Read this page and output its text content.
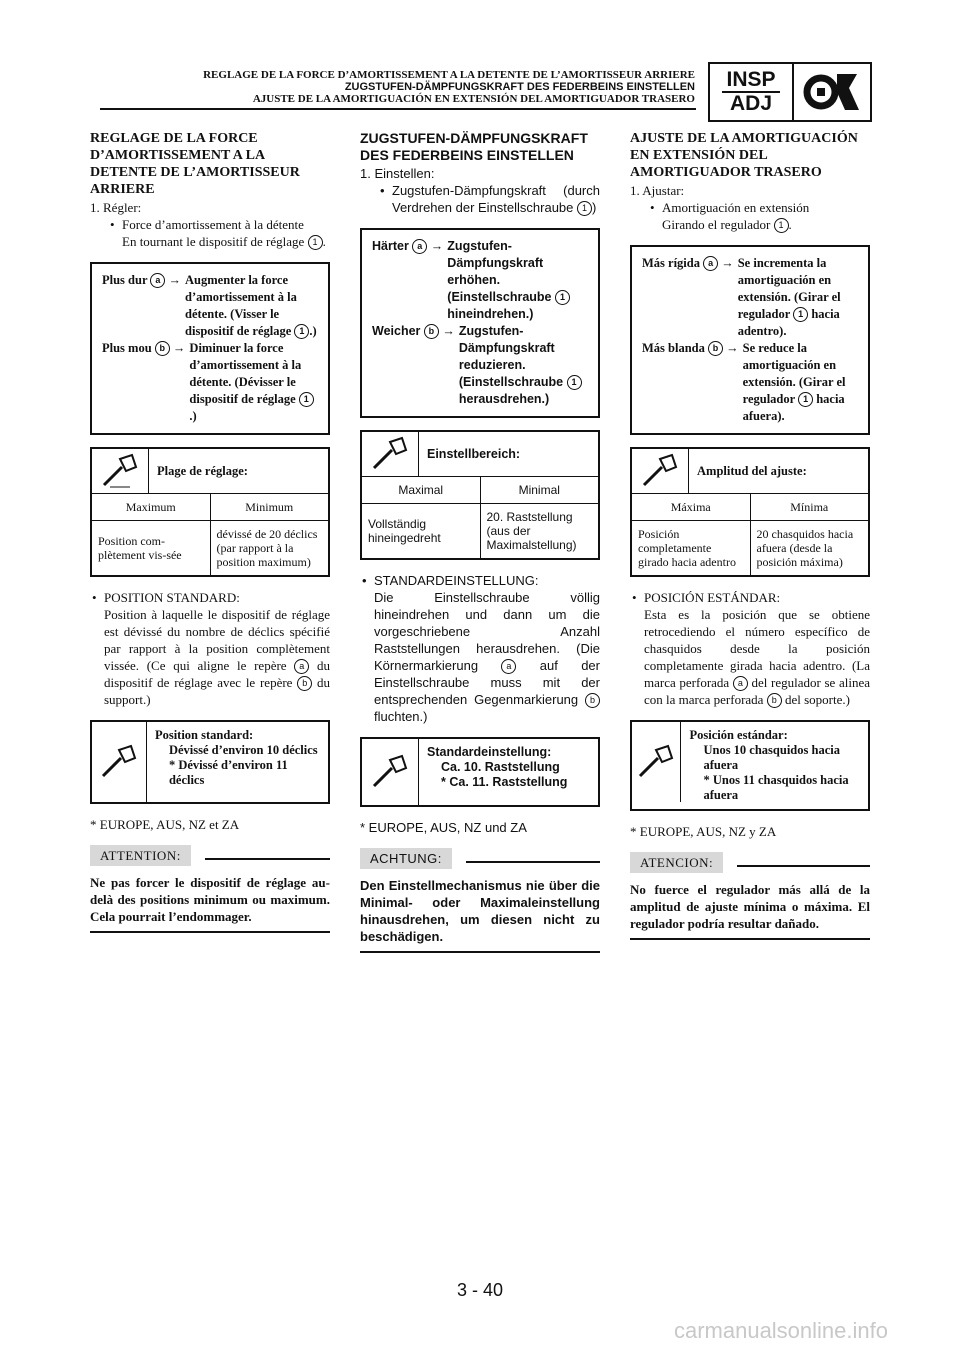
REGLAGE DE LA FORCE D’AMORTISSEMENT A LA DETENTE DE L’AMORTISSEUR ARRIERE
ZUGSTUFEN-DÄMPFUNGSKRAFT DES FEDERBEINS EINSTELLEN
AJUSTE DE LA AMORTIGUACIÓN EN EXTENSIÓN DEL AMORTIGUADOR TRASERO
INSP
ADJ
REGLAGE DE LA FORCE D’AMORTISSEMENT A LA DETENTE DE L’AMORTISSEUR ARRIERE
1. Régler:
• Force d’amortissement à la détente
En tournant le dispositif de réglage 1 .
Plus dur a → Augmenter la force d’amortissement à la détente. (Visser le dispositif de réglage 1 .)
Plus mou b → Diminuer la force d’amortissement à la détente. (Dévisser le dispositif de réglage 1.)
Plage de réglage:
Maximum	Minimum
Position com-plètement vis-sée	dévissé de 20 déclics (par rapport à la position maximum)
• POSITION STANDARD:
Position à laquelle le dispositif de réglage est dévissé du nombre de déclics spécifié par rapport à la position complètement vissée. (Ce qui aligne le repère a du dispositif de réglage avec le repère b du support.)
Position standard:
Dévissé d’environ 10 déclics
* Dévissé d’environ 11 déclics
* EUROPE, AUS, NZ et ZA
ATTENTION:
Ne pas forcer le dispositif de réglage au-delà des positions minimum ou maximum. Cela pourrait l’endommager.
ZUGSTUFEN-DÄMPFUNGSKRAFT DES FEDERBEINS EINSTELLEN
1. Einstellen:
• Zugstufen-Dämpfungskraft (durch Verdrehen der Einstellschraube 1 )
Härter a → Zugstufen-Dämpfungskraft erhöhen. (Einstellschraube 1 hineindrehen.)
Weicher b → Zugstufen-Dämpfungskraft reduzieren. (Einstellschraube 1 herausdrehen.)
Einstellbereich:
Maximal	Minimal
Vollständig hineingedreht	20. Raststellung (aus der Maximalstellung)
• STANDARDEINSTELLUNG:
Die Einstellschraube völlig hineindrehen und dann um die vorgeschriebene Anzahl Raststellungen herausdrehen. (Die Körnermarkierung	a auf der Einstellschraube muss mit der entsprechenden Gegenmarkierung b fluchten.)
Standardeinstellung:
Ca. 10. Raststellung
* Ca. 11. Raststellung
* EUROPE, AUS, NZ und ZA
ACHTUNG:
Den Einstellmechanismus nie über die Minimal- oder Maximaleinstellung hinausdrehen, um diesen nicht zu beschädigen.
AJUSTE DE LA AMORTIGUACIÓN EN EXTENSIÓN DEL AMORTIGUADOR TRASERO
1. Ajustar:
• Amortiguación en extensión
Girando el regulador 1 .
Más rígida a → Se incrementa la amortiguación en extensión. (Girar el regulador 1 hacia adentro).
Más blanda b → Se reduce la amortiguación en extensión. (Girar el regulador 1 hacia afuera).
Amplitud del ajuste:
Máxima	Mínima
Posición completamente girado hacia adentro	20 chasquidos hacia afuera (desde la posición máxima)
• POSICIÓN ESTÁNDAR:
Esta es la posición que se obtiene retrocediendo el número específico de chasquidos desde la posición completamente girada hacia adentro. (La marca perforada a del regulador se alinea con la marca perforada b del soporte.)
Posición estándar:
Unos 10 chasquidos hacia afuera
* Unos 11 chasquidos hacia afuera
* EUROPE, AUS, NZ y ZA
ATENCION:
No fuerce el regulador más allá de la amplitud de ajuste mínima o máxima. El regulador podría resultar dañado.
3 - 40
carmanualsonline.info
